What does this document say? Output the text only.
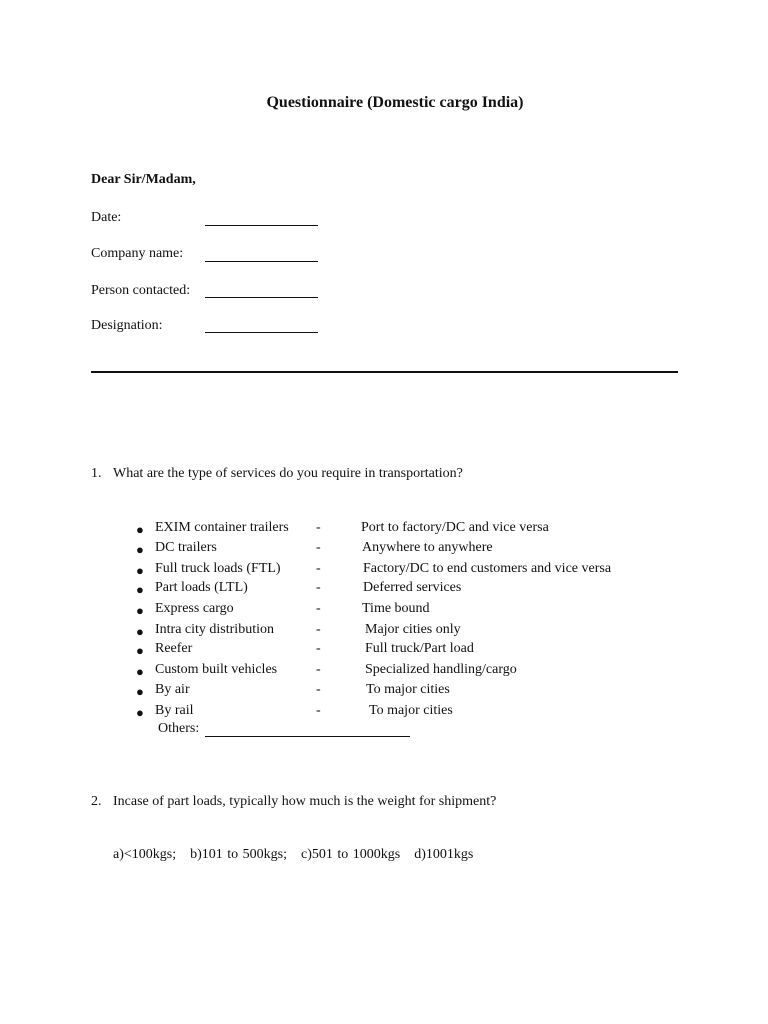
Questionnaire (Domestic cargo India)
Dear Sir/Madam,
Date:
Company name:
Person contacted:
Designation:
1. What are the type of services do you require in transportation?
● EXIM container trailers -	Port to factory/DC and vice versa
● DC trailers	-	Anywhere to anywhere
● Full truck loads (FTL)	-	Factory/DC to end customers and vice versa
● Part loads (LTL)	-	Deferred services
● Express cargo	-	Time bound
● Intra city distribution	-	Major cities only
● Reefer	-	Full truck/Part load
● Custom built vehicles	-	Specialized handling/cargo
● By air	-	To major cities
● By rail	-	To major cities
Others:
2. Incase of part loads, typically how much is the weight for shipment?
a)<100kgs; b)101 to 500kgs; c)501 to 1000kgs d)1001kgs
